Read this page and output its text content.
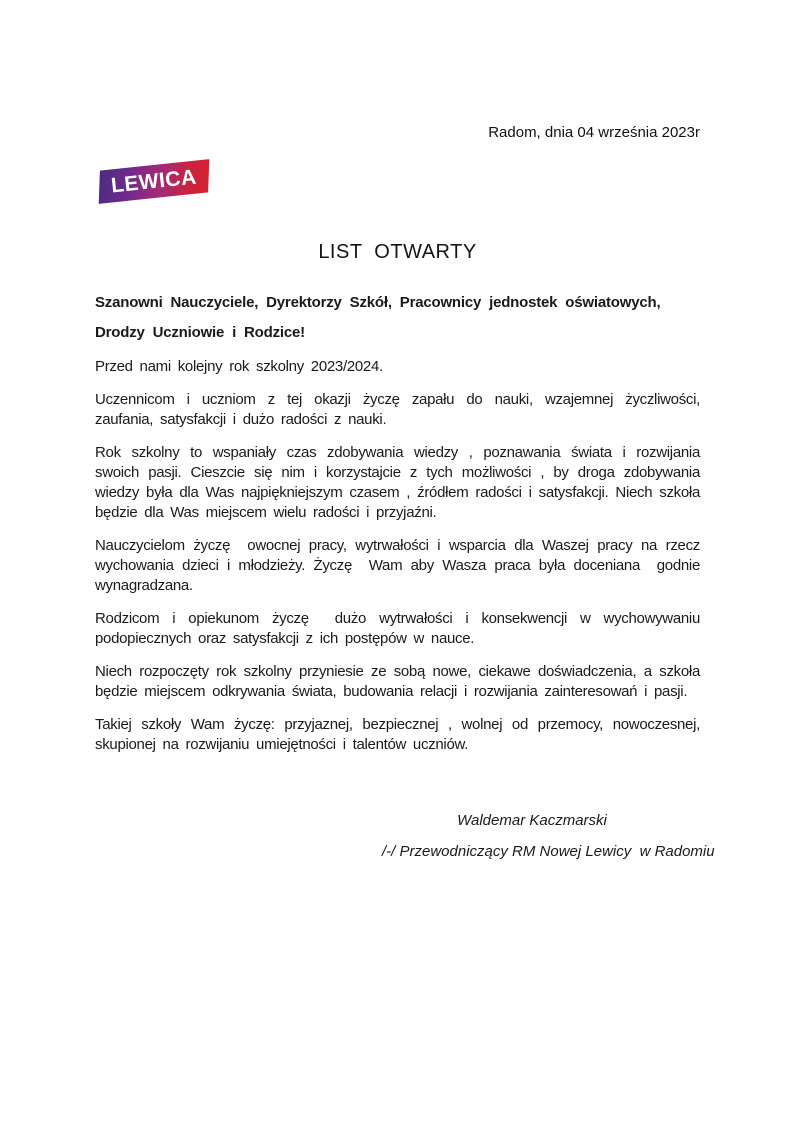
Radom, dnia 04 września 2023r
LEWICA
LIST  OTWARTY

Szanowni Nauczyciele, Dyrektorzy Szkół, Pracownicy jednostek oświatowych,

Drodzy Uczniowie i Rodzice!

Przed nami kolejny rok szkolny 2023/2024.

Uczennicom i uczniom z tej okazji życzę zapału do nauki, wzajemnej życzliwości, zaufania, satysfakcji i dużo radości z nauki.

Rok szkolny to wspaniały czas zdobywania wiedzy , poznawania świata i rozwijania swoich pasji. Cieszcie się nim i korzystajcie z tych możliwości , by droga zdobywania wiedzy była dla Was najpiękniejszym czasem , źródłem radości i satysfakcji. Niech szkoła będzie dla Was miejscem wielu radości i przyjaźni.

Nauczycielom życzę  owocnej pracy, wytrwałości i wsparcia dla Waszej pracy na rzecz wychowania dzieci i młodzieży. Życzę  Wam aby Wasza praca była doceniana  godnie wynagradzana.

Rodzicom i opiekunom życzę  dużo wytrwałości i konsekwencji w wychowywaniu podopiecznych oraz satysfakcji z ich postępów w nauce.

Niech rozpoczęty rok szkolny przyniesie ze sobą nowe, ciekawe doświadczenia, a szkoła będzie miejscem odkrywania świata, budowania relacji i rozwijania zainteresowań i pasji.

Takiej szkoły Wam życzę: przyjaznej, bezpiecznej , wolnej od przemocy, nowoczesnej, skupionej na rozwijaniu umiejętności i talentów uczniów.

Waldemar Kaczmarski
/-/ Przewodniczący RM Nowej Lewicy  w Radomiu
